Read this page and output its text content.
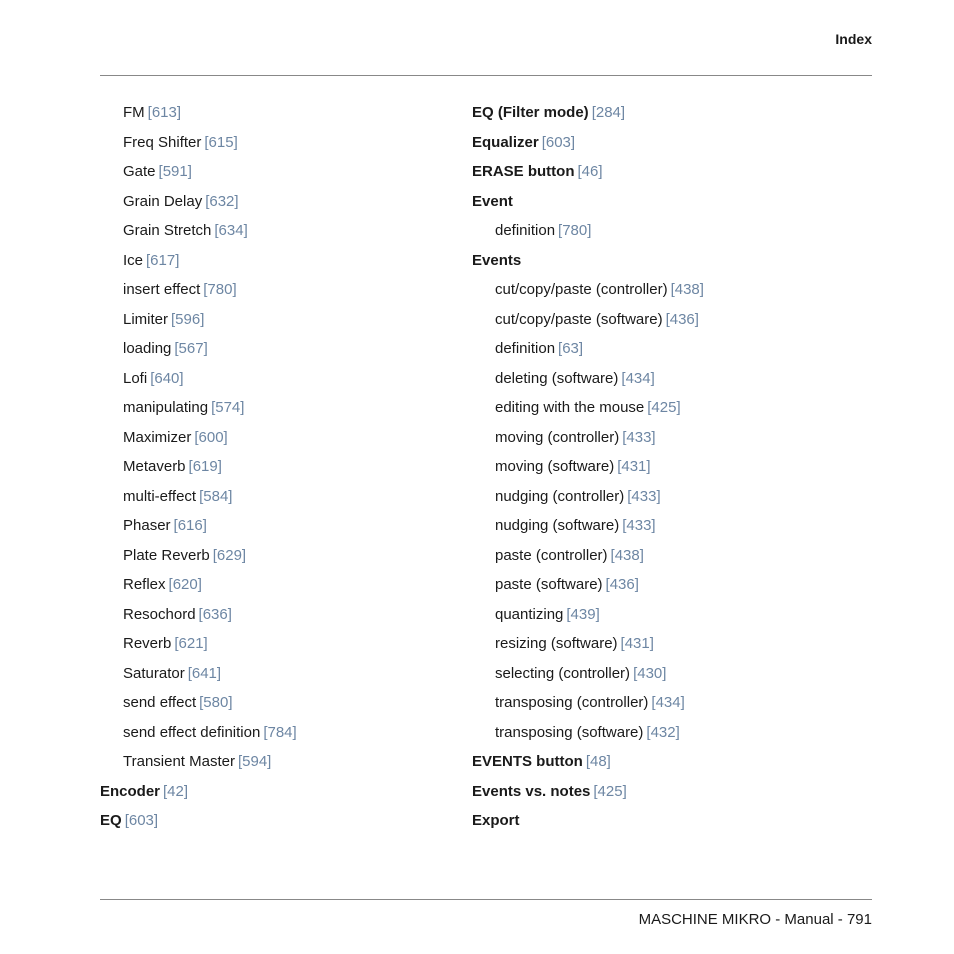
Index
FM [613]
Freq Shifter [615]
Gate [591]
Grain Delay [632]
Grain Stretch [634]
Ice [617]
insert effect [780]
Limiter [596]
loading [567]
Lofi [640]
manipulating [574]
Maximizer [600]
Metaverb [619]
multi-effect [584]
Phaser [616]
Plate Reverb [629]
Reflex [620]
Resochord [636]
Reverb [621]
Saturator [641]
send effect [580]
send effect definition [784]
Transient Master [594]
Encoder [42]
EQ [603]
EQ (Filter mode) [284]
Equalizer [603]
ERASE button [46]
Event
definition [780]
Events
cut/copy/paste (controller) [438]
cut/copy/paste (software) [436]
definition [63]
deleting (software) [434]
editing with the mouse [425]
moving (controller) [433]
moving (software) [431]
nudging (controller) [433]
nudging (software) [433]
paste (controller) [438]
paste (software) [436]
quantizing [439]
resizing (software) [431]
selecting (controller) [430]
transposing (controller) [434]
transposing (software) [432]
EVENTS button [48]
Events vs. notes [425]
Export
MASCHINE MIKRO - Manual - 791
